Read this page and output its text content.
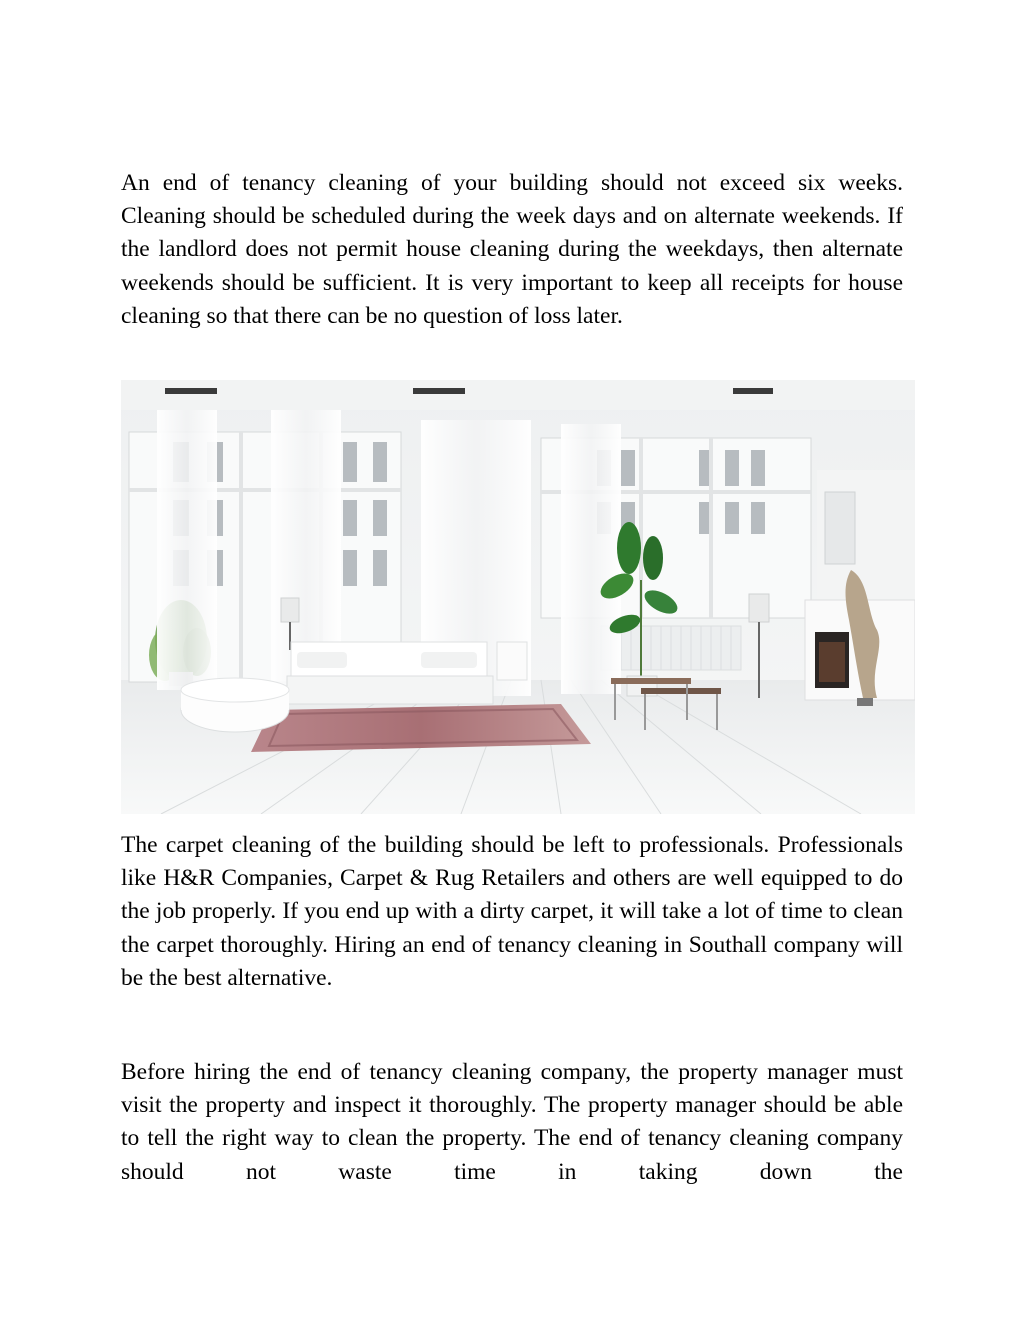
An end of tenancy cleaning of your building should not exceed six weeks. Cleaning should be scheduled during the week days and on alternate weekends. If the landlord does not permit house cleaning during the weekdays, then alternate weekends should be sufficient. It is very important to keep all receipts for house cleaning so that there can be no question of loss later.

The carpet cleaning of the building should be left to professionals. Professionals like H&R Companies, Carpet & Rug Retailers and others are well equipped to do the job properly. If you end up with a dirty carpet, it will take a lot of time to clean the carpet thoroughly. Hiring an end of tenancy cleaning in Southall company will be the best alternative.

Before hiring the end of tenancy cleaning company, the property manager must visit the property and inspect it thoroughly. The property manager should be able to tell the right way to clean the property. The end of tenancy cleaning company should not waste time in taking down the
